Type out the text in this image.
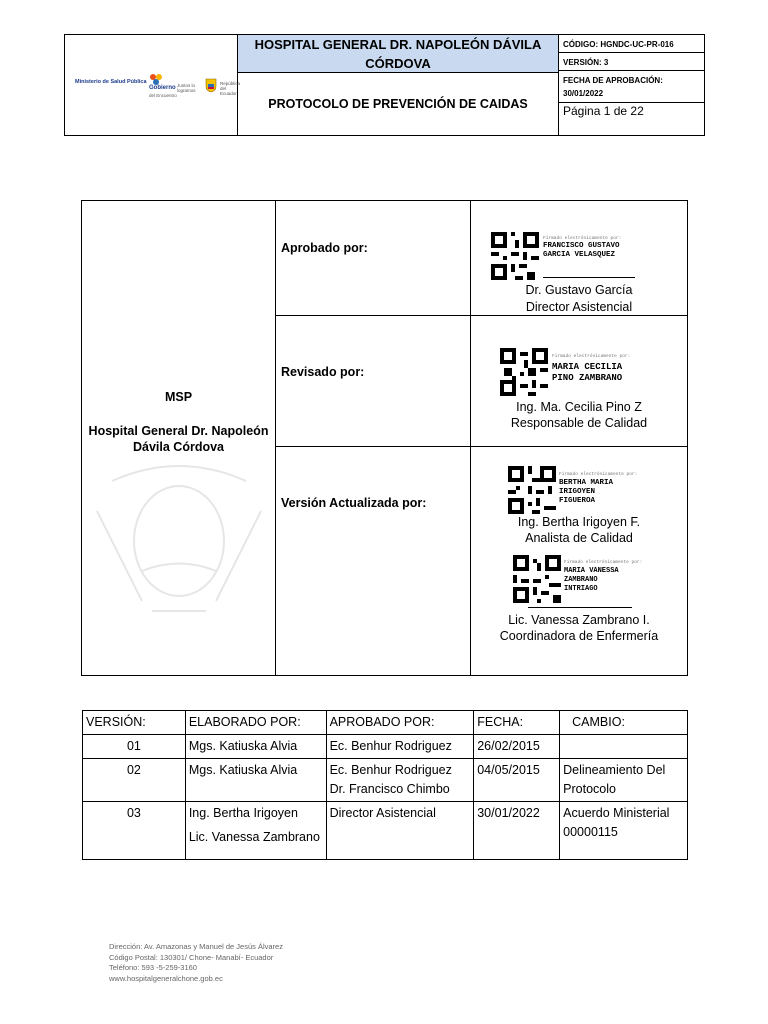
Ministerio de Salud Pública
Gobierno
del Encuentro
Juntos lo logramos
República del Ecuador
HOSPITAL GENERAL DR. NAPOLEÓN DÁVILA CÓRDOVA
PROTOCOLO DE PREVENCIÓN DE CAIDAS
CÓDIGO: HGNDC-UC-PR-016
VERSIÓN: 3
FECHA DE APROBACIÓN:
30/01/2022
Página 1 de 22
MSP
Hospital General Dr. Napoleón Dávila Córdova
Aprobado por:
Firmado electrónicamente por:
FRANCISCO GUSTAVO
GARCIA VELASQUEZ
Dr. Gustavo García
Director Asistencial
Revisado por:
Firmado electrónicamente por:
MARIA CECILIA
PINO ZAMBRANO
Ing. Ma. Cecilia Pino Z
Responsable de Calidad
Versión Actualizada por:
Firmado electrónicamente por:
BERTHA MARIA
IRIGOYEN
FIGUEROA
Ing. Bertha Irigoyen F.
Analista de Calidad
Firmado electrónicamente por:
MARIA VANESSA
ZAMBRANO
INTRIAGO
Lic. Vanessa Zambrano I.
Coordinadora de Enfermería
VERSIÓN:	ELABORADO POR:	APROBADO POR:	FECHA:	CAMBIO:
01	Mgs. Katiuska Alvia	Ec. Benhur Rodriguez	26/02/2015	
02	Mgs. Katiuska Alvia	Ec. Benhur Rodriguez
Dr. Francisco Chimbo	04/05/2015	Delineamiento Del Protocolo
03	Ing. Bertha Irigoyen
Lic. Vanessa Zambrano	Director Asistencial	30/01/2022	Acuerdo Ministerial 00000115
Dirección: Av. Amazonas y Manuel de Jesús Álvarez
Código Postal: 130301/ Chone- Manabí- Ecuador
Teléfono: 593 -5-259-3160
www.hospitalgeneralchone.gob.ec
